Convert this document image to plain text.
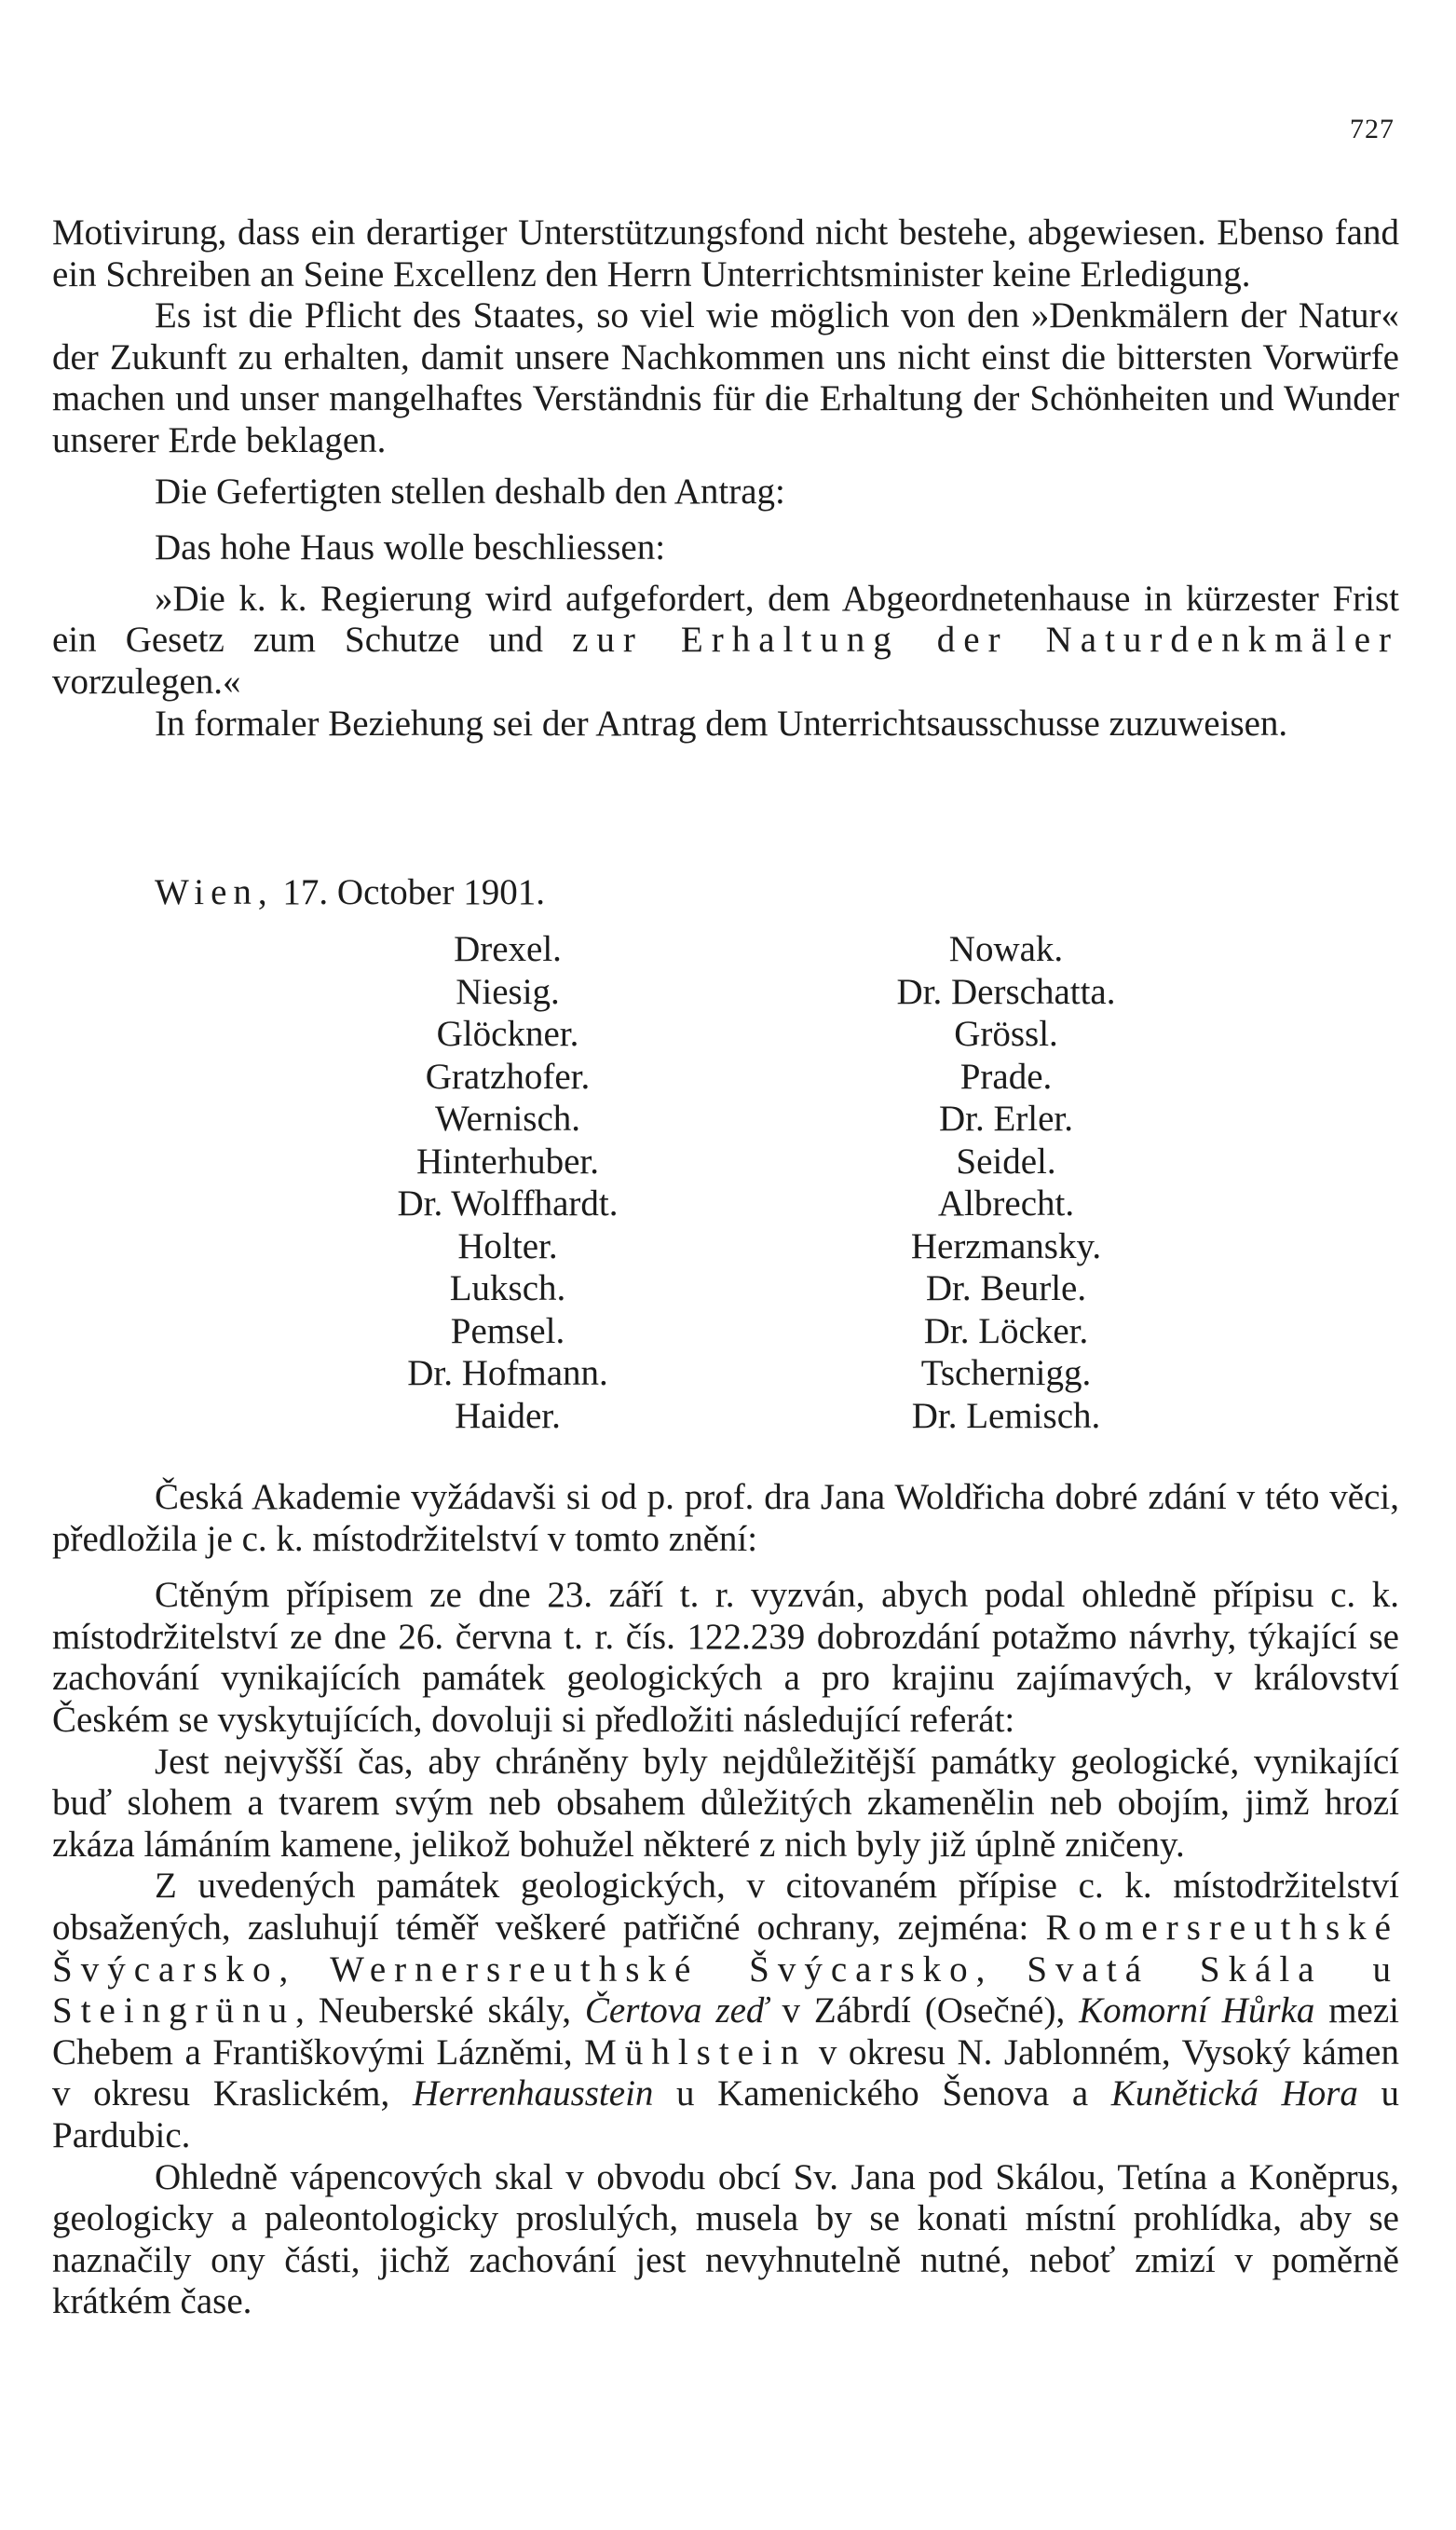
727

Motivirung, dass ein derartiger Unterstützungsfond nicht bestehe, abgewiesen. Ebenso fand ein Schreiben an Seine Excellenz den Herrn Unterrichtsminister keine Erledigung.

Es ist die Pflicht des Staates, so viel wie möglich von den »Denkmälern der Natur« der Zukunft zu erhalten, damit unsere Nachkommen uns nicht einst die bittersten Vorwürfe machen und unser mangelhaftes Verständnis für die Erhaltung der Schönheiten und Wunder unserer Erde beklagen.

Die Gefertigten stellen deshalb den Antrag:

Das hohe Haus wolle beschliessen:

»Die k. k. Regierung wird aufgefordert, dem Abgeordnetenhause in kürzester Frist ein Gesetz zum Schutze und zur Erhaltung der Naturdenkmäler vorzulegen.«

In formaler Beziehung sei der Antrag dem Unterrichtsausschusse zuzuweisen.

Wien, 17. October 1901.
Drexel.
Niesig.
Glöckner.
Gratzhofer.
Wernisch.
Hinterhuber.
Dr. Wolffhardt.
Holter.
Luksch.
Pemsel.
Dr. Hofmann.
Haider.
Nowak.
Dr. Derschatta.
Grössl.
Prade.
Dr. Erler.
Seidel.
Albrecht.
Herzmansky.
Dr. Beurle.
Dr. Löcker.
Tschernigg.
Dr. Lemisch.

Česká Akademie vyžádavši si od p. prof. dra Jana Woldřicha dobré zdání v této věci, předložila je c. k. místodržitelství v tomto znění:

Ctěným přípisem ze dne 23. září t. r. vyzván, abych podal ohledně přípisu c. k. místodržitelství ze dne 26. června t. r. čís. 122.239 dobrozdání potažmo návrhy, týkající se zachování vynikajících památek geologických a pro krajinu zajímavých, v království Českém se vyskytujících, dovoluji si předložiti následující referát:

Jest nejvyšší čas, aby chráněny byly nejdůležitější památky geologické, vynikající buď slohem a tvarem svým neb obsahem důležitých zkamenělin neb obojím, jimž hrozí zkáza lámáním kamene, jelikož bohužel některé z nich byly již úplně zničeny.

Z uvedených památek geologických, v citovaném přípise c. k. místodržitelství obsažených, zasluhují téměř veškeré patřičné ochrany, zejména: Romersreuthské Švýcarsko, Wernersreuthské Švýcarsko, Svatá Skála u Steingrünu, Neuberské skály, Čertova zeď v Zábrdí (Osečné), Komorní Hůrka mezi Chebem a Františkovými Lázněmi, Mühlstein v okresu N. Jablonném, Vysoký kámen v okresu Kraslickém, Herrenhausstein u Kamenického Šenova a Kunětická Hora u Pardubic.

Ohledně vápencových skal v obvodu obcí Sv. Jana pod Skálou, Tetína a Koněprus, geologicky a paleontologicky proslulých, musela by se konati místní prohlídka, aby se naznačily ony části, jichž zachování jest nevyhnutelně nutné, neboť zmizí v poměrně krátkém čase.
